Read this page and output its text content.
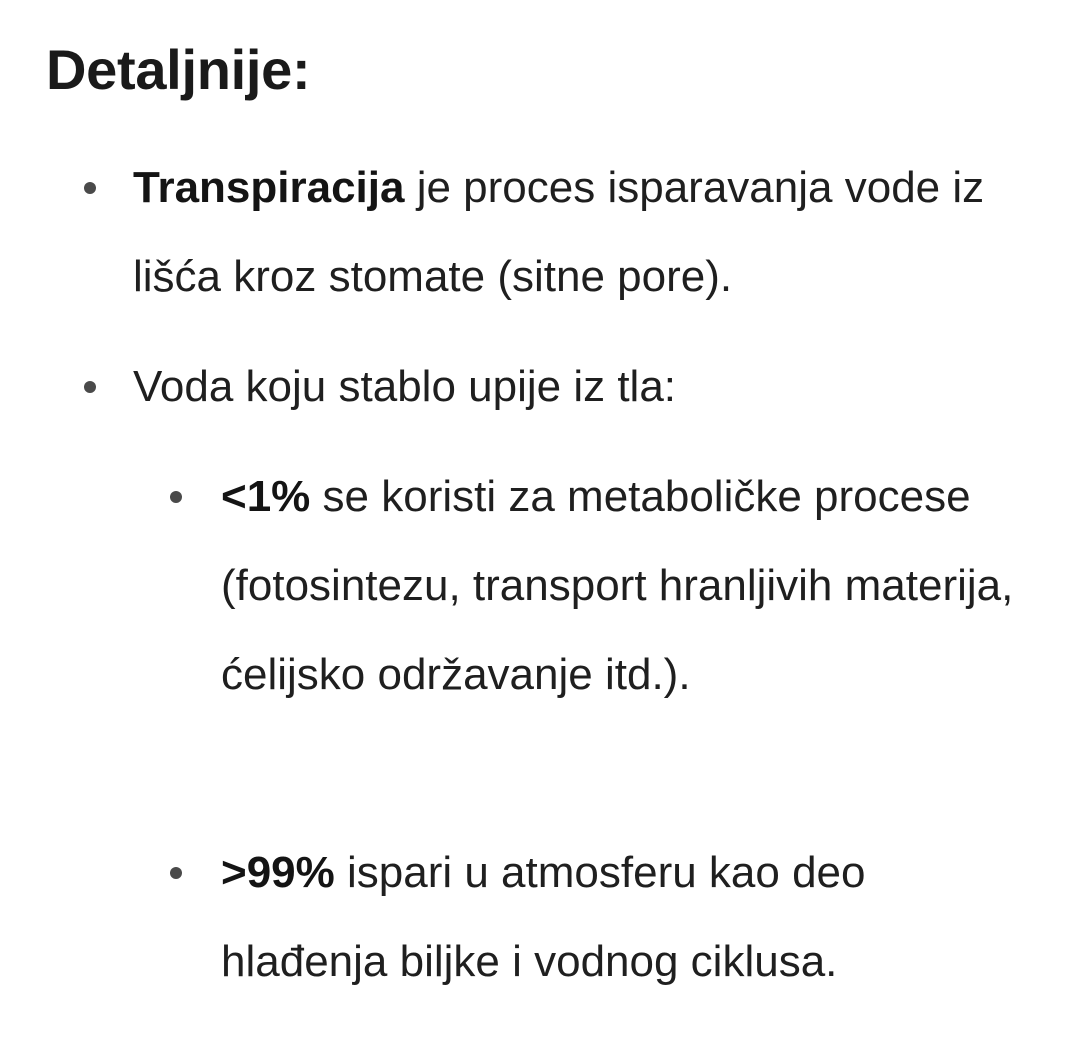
Detaljnije:

Transpiracija je proces isparavanja vode iz lišća kroz stomate (sitne pore).

Voda koju stablo upije iz tla:

<1% se koristi za metaboličke procese (fotosintezu, transport hranljivih materija, ćelijsko održavanje itd.).

>99% ispari u atmosferu kao deo hlađenja biljke i vodnog ciklusa.
